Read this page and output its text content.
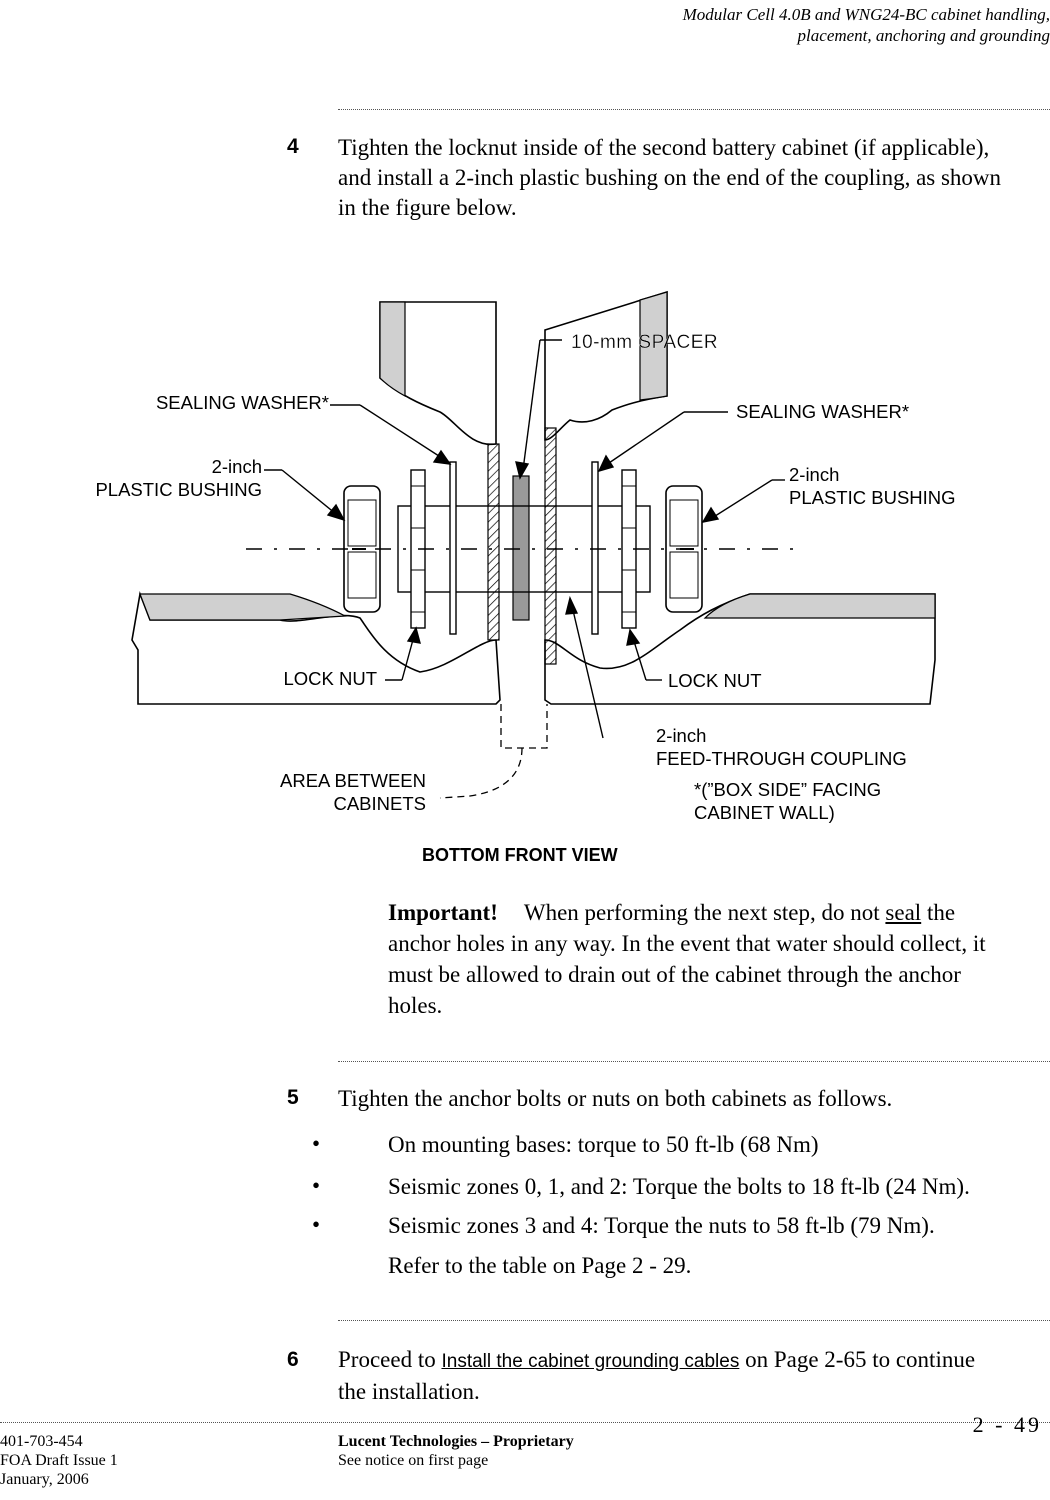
Modular Cell 4.0B and WNG24-BC cabinet handling,
placement, anchoring and grounding
4 Tighten the locknut inside of the second battery cabinet (if applicable),
and install a 2-inch plastic bushing on the end of the coupling, as shown
in the figure below.
10-mm SPACER
SEALING WASHER*	SEALING WASHER*
2-inch
PLASTIC BUSHING
2-inch
PLASTIC BUSHING
LOCK NUT	LOCK NUT
2-inch
FEED-THROUGH COUPLING
AREA BETWEEN
CABINETS
*(”BOX SIDE” FACING
CABINET WALL)
BOTTOM FRONT VIEW
Important! When performing the next step, do not seal the
anchor holes in any way. In the event that water should collect, it
must be allowed to drain out of the cabinet through the anchor
holes.
5 Tighten the anchor bolts or nuts on both cabinets as follows.
•	On mounting bases: torque to 50 ft-lb (68 Nm)
•	Seismic zones 0, 1, and 2: Torque the bolts to 18 ft-lb (24 Nm).
•	Seismic zones 3 and 4: Torque the nuts to 58 ft-lb (79 Nm).
Refer to the table on Page 2 - 29.
6 Proceed to Install the cabinet grounding cables on Page 2-65 to continue
the installation.
401-703-454
FOA Draft Issue 1
January, 2006
Lucent Technologies – Proprietary
See notice on first page
2 - 49
